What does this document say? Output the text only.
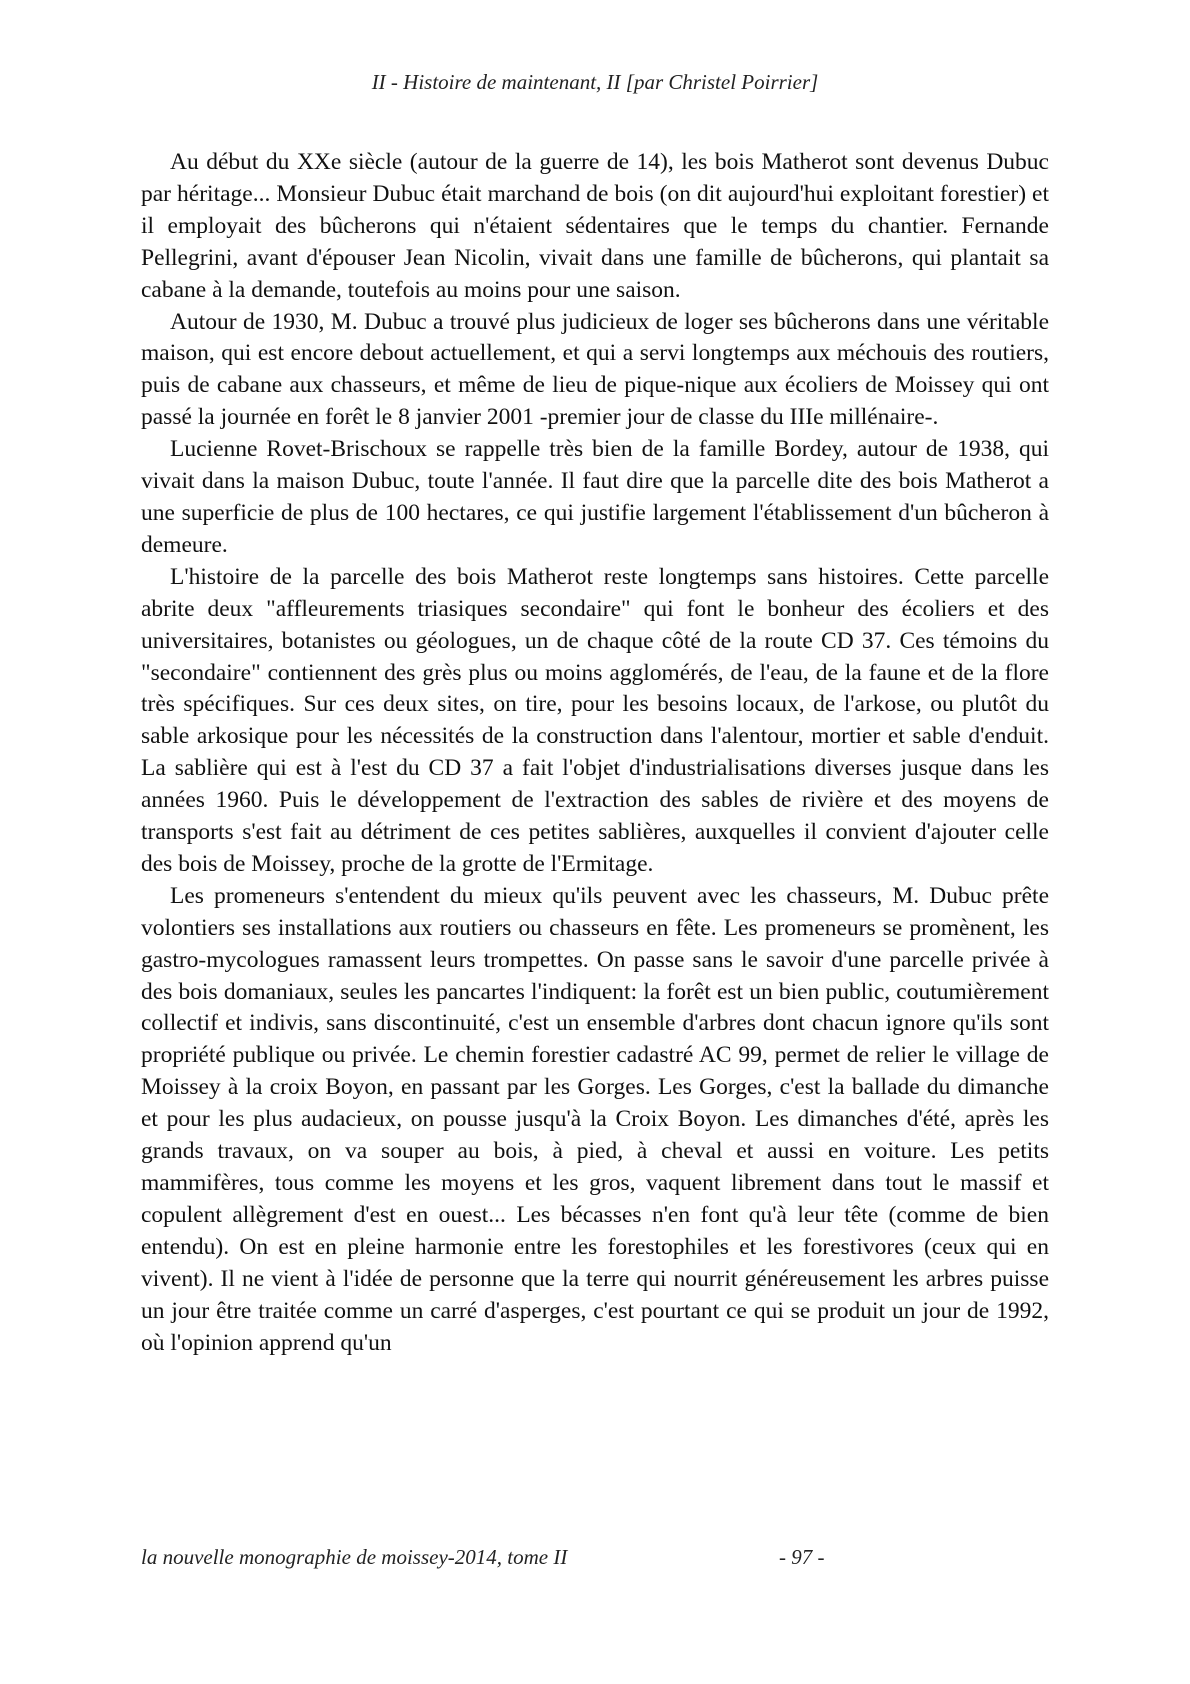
II - Histoire de maintenant, II [par Christel Poirrier]

Au début du XXe siècle (autour de la guerre de 14), les bois Matherot sont devenus Dubuc par héritage... Monsieur Dubuc était marchand de bois (on dit aujourd'hui exploitant forestier) et il employait des bûcherons qui n'étaient sédentaires que le temps du chantier. Fernande Pellegrini, avant d'épouser Jean Nicolin, vivait dans une famille de bûcherons, qui plantait sa cabane à la demande, toutefois au moins pour une saison.

Autour de 1930, M. Dubuc a trouvé plus judicieux de loger ses bûcherons dans une véritable maison, qui est encore debout actuellement, et qui a servi longtemps aux méchouis des routiers, puis de cabane aux chasseurs, et même de lieu de pique-nique aux écoliers de Moissey qui ont passé la journée en forêt le 8 janvier 2001 -premier jour de classe du IIIe millénaire-.

Lucienne Rovet-Brischoux se rappelle très bien de la famille Bordey, autour de 1938, qui vivait dans la maison Dubuc, toute l'année. Il faut dire que la parcelle dite des bois Matherot a une superficie de plus de 100 hectares, ce qui justifie largement l'établissement d'un bûcheron à demeure.

L'histoire de la parcelle des bois Matherot reste longtemps sans histoires. Cette parcelle abrite deux "affleurements triasiques secondaire" qui font le bonheur des écoliers et des universitaires, botanistes ou géologues, un de chaque côté de la route CD 37. Ces témoins du "secondaire" contiennent des grès plus ou moins agglomérés, de l'eau, de la faune et de la flore très spécifiques. Sur ces deux sites, on tire, pour les besoins locaux, de l'arkose, ou plutôt du sable arkosique pour les nécessités de la construction dans l'alentour, mortier et sable d'enduit. La sablière qui est à l'est du CD 37 a fait l'objet d'industrialisations diverses jusque dans les années 1960. Puis le développement de l'extraction des sables de rivière et des moyens de transports s'est fait au détriment de ces petites sablières, auxquelles il convient d'ajouter celle des bois de Moissey, proche de la grotte de l'Ermitage.

Les promeneurs s'entendent du mieux qu'ils peuvent avec les chasseurs, M. Dubuc prête volontiers ses installations aux routiers ou chasseurs en fête. Les promeneurs se promènent, les gastro-mycologues ramassent leurs trompettes. On passe sans le savoir d'une parcelle privée à des bois domaniaux, seules les pancartes l'indiquent: la forêt est un bien public, coutumièrement collectif et indivis, sans discontinuité, c'est un ensemble d'arbres dont chacun ignore qu'ils sont propriété publique ou privée. Le chemin forestier cadastré AC 99, permet de relier le village de Moissey à la croix Boyon, en passant par les Gorges. Les Gorges, c'est la ballade du dimanche et pour les plus audacieux, on pousse jusqu'à la Croix Boyon. Les dimanches d'été, après les grands travaux, on va souper au bois, à pied, à cheval et aussi en voiture. Les petits mammifères, tous comme les moyens et les gros, vaquent librement dans tout le massif et copulent allègrement d'est en ouest... Les bécasses n'en font qu'à leur tête (comme de bien entendu). On est en pleine harmonie entre les forestophiles et les forestivores (ceux qui en vivent). Il ne vient à l'idée de personne que la terre qui nourrit généreusement les arbres puisse un jour être traitée comme un carré d'asperges, c'est pourtant ce qui se produit un jour de 1992, où l'opinion apprend qu'un

la nouvelle monographie de moissey-2014, tome II	- 97 -
